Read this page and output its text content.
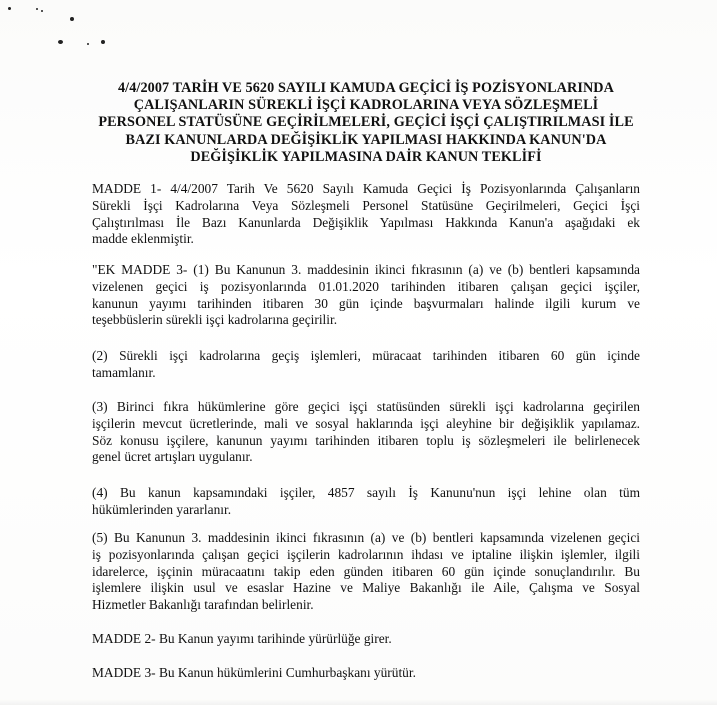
4/4/2007 TARİH VE 5620 SAYILI KAMUDA GEÇİCİ İŞ POZİSYONLARINDA
ÇALIŞANLARIN SÜREKLİ İŞÇİ KADROLARINA VEYA SÖZLEŞMELİ
PERSONEL STATÜSÜNE GEÇİRİLMELERİ, GEÇİCİ İŞÇİ ÇALIŞTIRILMASI İLE
BAZI KANUNLARDA DEĞİŞİKLİK YAPILMASI HAKKINDA KANUN'DA
DEĞİŞİKLİK YAPILMASINA DAİR KANUN TEKLİFİ
MADDE 1- 4/4/2007 Tarih Ve 5620 Sayılı Kamuda Geçici İş Pozisyonlarında Çalışanların
Sürekli İşçi Kadrolarına Veya Sözleşmeli Personel Statüsüne Geçirilmeleri, Geçici İşçi
Çalıştırılması İle Bazı Kanunlarda Değişiklik Yapılması Hakkında Kanun'a aşağıdaki ek
madde eklenmiştir.
"EK MADDE 3- (1) Bu Kanunun 3. maddesinin ikinci fıkrasının (a) ve (b) bentleri kapsamında
vizelenen geçici iş pozisyonlarında 01.01.2020 tarihinden itibaren çalışan geçici işçiler,
kanunun yayımı tarihinden itibaren 30 gün içinde başvurmaları halinde ilgili kurum ve
teşebbüslerin sürekli işçi kadrolarına geçirilir.
(2) Sürekli işçi kadrolarına geçiş işlemleri, müracaat tarihinden itibaren 60 gün içinde
tamamlanır.
(3) Birinci fıkra hükümlerine göre geçici işçi statüsünden sürekli işçi kadrolarına geçirilen
işçilerin mevcut ücretlerinde, mali ve sosyal haklarında işçi aleyhine bir değişiklik yapılamaz.
Söz konusu işçilere, kanunun yayımı tarihinden itibaren toplu iş sözleşmeleri ile belirlenecek
genel ücret artışları uygulanır.
(4) Bu kanun kapsamındaki işçiler, 4857 sayılı İş Kanunu'nun işçi lehine olan tüm
hükümlerinden yararlanır.
(5) Bu Kanunun 3. maddesinin ikinci fıkrasının (a) ve (b) bentleri kapsamında vizelenen geçici
iş pozisyonlarında çalışan geçici işçilerin kadrolarının ihdası ve iptaline ilişkin işlemler, ilgili
idarelerce, işçinin müracaatını takip eden günden itibaren 60 gün içinde sonuçlandırılır. Bu
işlemlere ilişkin usul ve esaslar Hazine ve Maliye Bakanlığı ile Aile, Çalışma ve Sosyal
Hizmetler Bakanlığı tarafından belirlenir.
MADDE 2- Bu Kanun yayımı tarihinde yürürlüğe girer.
MADDE 3- Bu Kanun hükümlerini Cumhurbaşkanı yürütür.
